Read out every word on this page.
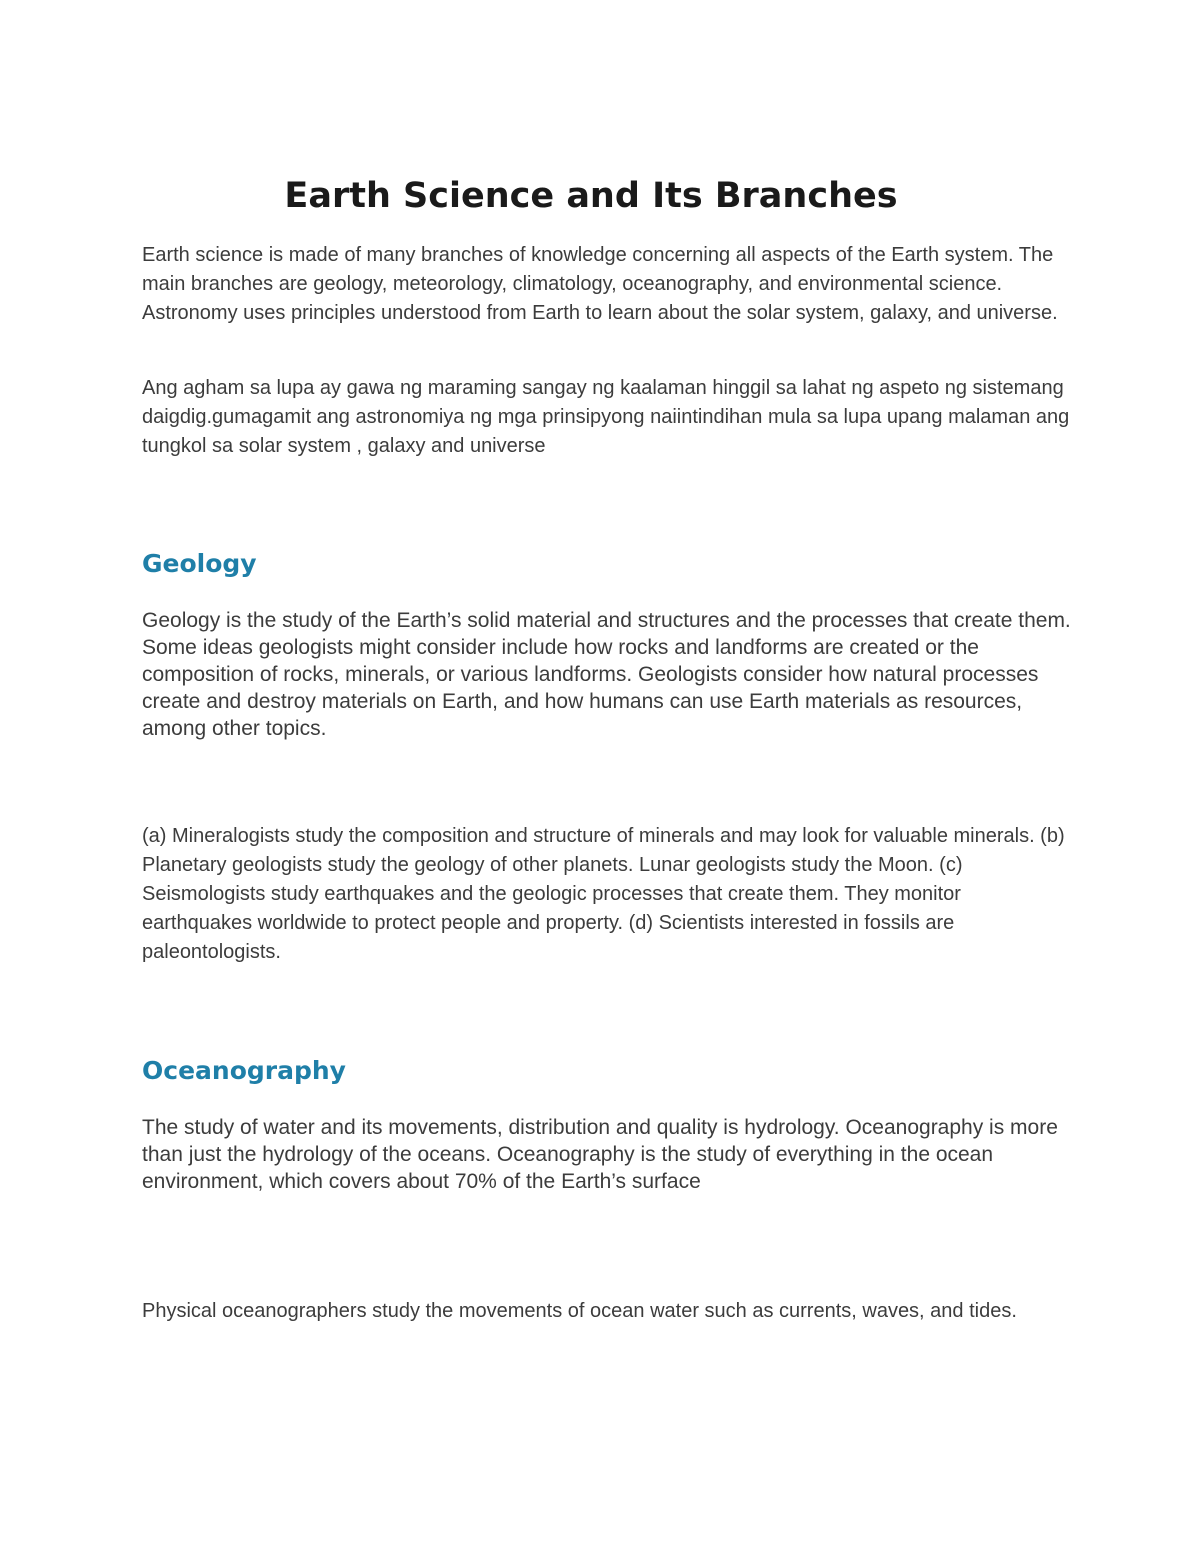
Earth Science and Its Branches

Earth science is made of many branches of knowledge concerning all aspects of the Earth system. The main branches are geology, meteorology, climatology, oceanography, and environmental science. Astronomy uses principles understood from Earth to learn about the solar system, galaxy, and universe.

Ang agham sa lupa ay gawa ng maraming sangay ng kaalaman hinggil sa lahat ng aspeto ng sistemang daigdig.gumagamit ang astronomiya ng mga prinsipyong naiintindihan mula sa lupa upang malaman ang tungkol sa solar system , galaxy and universe

Geology

Geology is the study of the Earth’s solid material and structures and the processes that create them. Some ideas geologists might consider include how rocks and landforms are created or the composition of rocks, minerals, or various landforms. Geologists consider how natural processes create and destroy materials on Earth, and how humans can use Earth materials as resources, among other topics.

(a) Mineralogists study the composition and structure of minerals and may look for valuable minerals. (b) Planetary geologists study the geology of other planets. Lunar geologists study the Moon. (c) Seismologists study earthquakes and the geologic processes that create them. They monitor earthquakes worldwide to protect people and property. (d) Scientists interested in fossils are paleontologists.

Oceanography

The study of water and its movements, distribution and quality is hydrology. Oceanography is more than just the hydrology of the oceans. Oceanography is the study of everything in the ocean environment, which covers about 70% of the Earth’s surface

Physical oceanographers study the movements of ocean water such as currents, waves, and tides.
